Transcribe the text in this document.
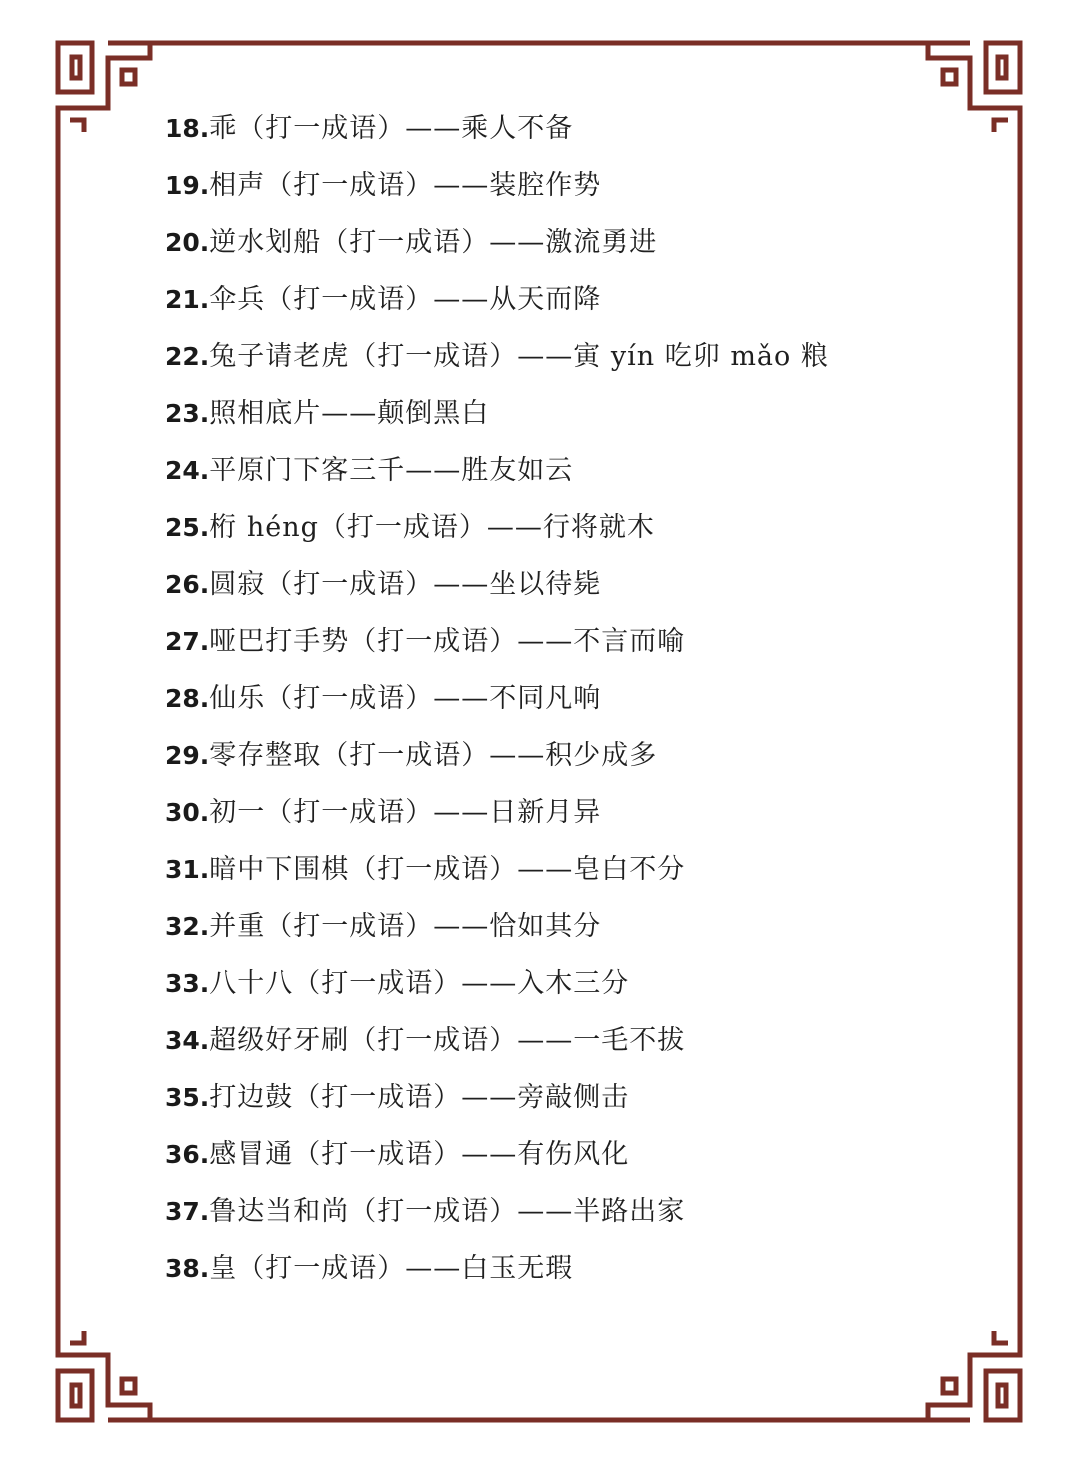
18.乖（打一成语）——乘人不备
19.相声（打一成语）——装腔作势
20.逆水划船（打一成语）——激流勇进
21.伞兵（打一成语）——从天而降
22.兔子请老虎（打一成语）——寅 yín 吃卯 mǎo 粮
23.照相底片——颠倒黑白
24.平原门下客三千——胜友如云
25.桁 héng（打一成语）——行将就木
26.圆寂（打一成语）——坐以待毙
27.哑巴打手势（打一成语）——不言而喻
28.仙乐（打一成语）——不同凡响
29.零存整取（打一成语）——积少成多
30.初一（打一成语）——日新月异
31.暗中下围棋（打一成语）——皂白不分
32.并重（打一成语）——恰如其分
33.八十八（打一成语）——入木三分
34.超级好牙刷（打一成语）——一毛不拔
35.打边鼓（打一成语）——旁敲侧击
36.感冒通（打一成语）——有伤风化
37.鲁达当和尚（打一成语）——半路出家
38.皇（打一成语）——白玉无瑕
